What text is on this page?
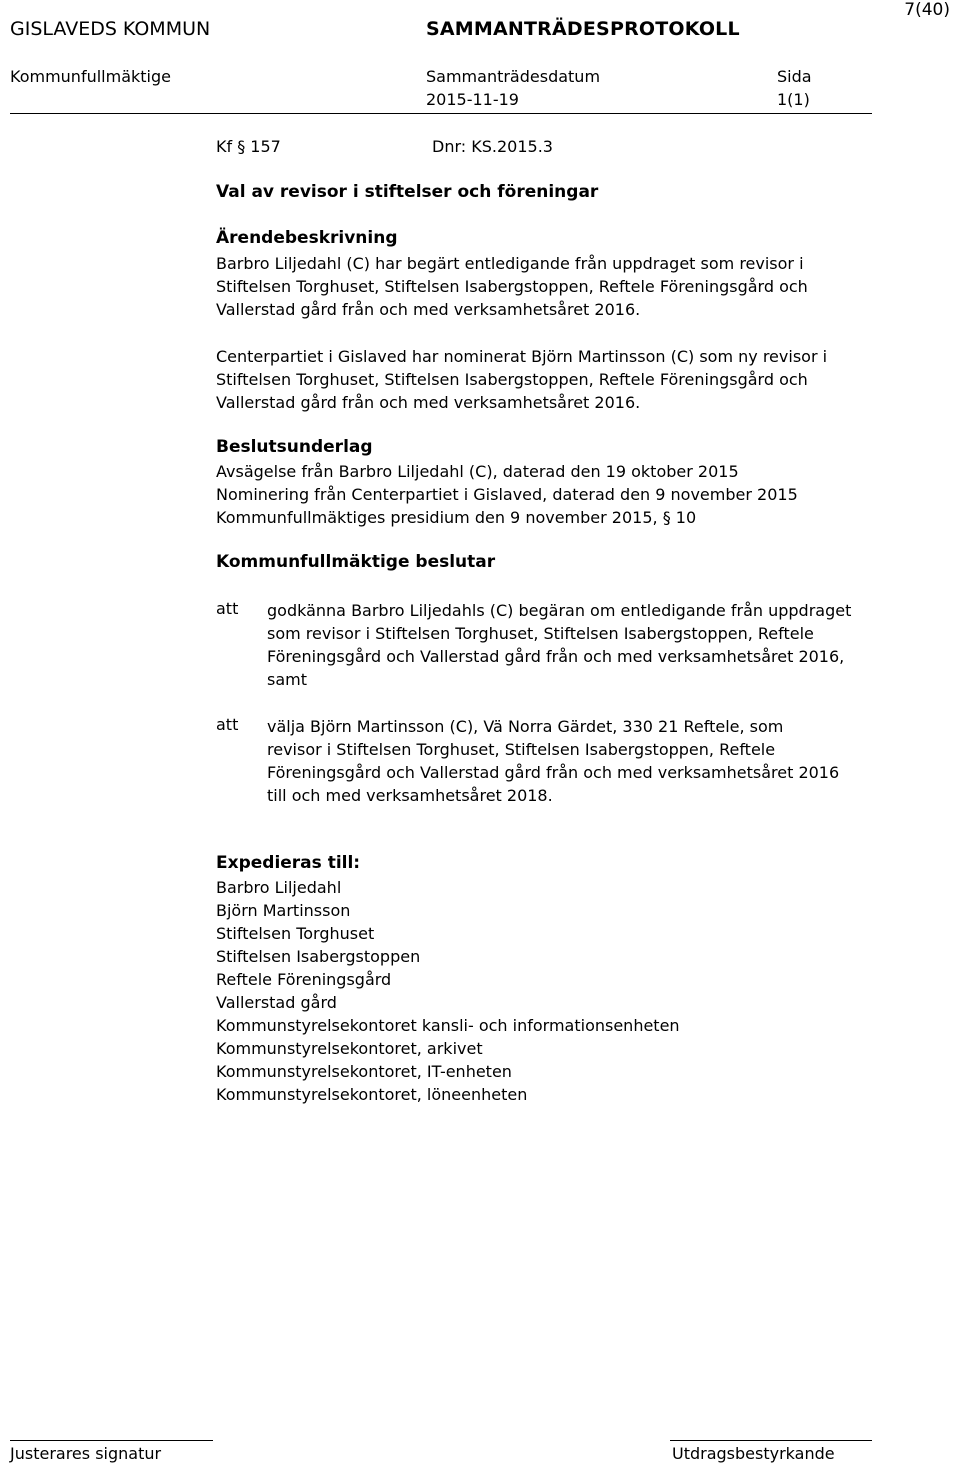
7(40)
GISLAVEDS KOMMUN	SAMMANTRÄDESPROTOKOLL
Kommunfullmäktige	Sammanträdesdatum	Sida
2015-11-19	1(1)
Kf § 157	Dnr: KS.2015.3
Val av revisor i stiftelser och föreningar
Ärendebeskrivning
Barbro Liljedahl (C) har begärt entledigande från uppdraget som revisor i
Stiftelsen Torghuset, Stiftelsen Isabergstoppen, Reftele Föreningsgård och
Vallerstad gård från och med verksamhetsåret 2016.
Centerpartiet i Gislaved har nominerat Björn Martinsson (C) som ny revisor i
Stiftelsen Torghuset, Stiftelsen Isabergstoppen, Reftele Föreningsgård och
Vallerstad gård från och med verksamhetsåret 2016.
Beslutsunderlag
Avsägelse från Barbro Liljedahl (C), daterad den 19 oktober 2015
Nominering från Centerpartiet i Gislaved, daterad den 9 november 2015
Kommunfullmäktiges presidium den 9 november 2015, § 10
Kommunfullmäktige beslutar
att godkänna Barbro Liljedahls (C) begäran om entledigande från uppdraget
som revisor i Stiftelsen Torghuset, Stiftelsen Isabergstoppen, Reftele
Föreningsgård och Vallerstad gård från och med verksamhetsåret 2016,
samt
att välja Björn Martinsson (C), Vä Norra Gärdet, 330 21 Reftele, som
revisor i Stiftelsen Torghuset, Stiftelsen Isabergstoppen, Reftele
Föreningsgård och Vallerstad gård från och med verksamhetsåret 2016
till och med verksamhetsåret 2018.
Expedieras till:
Barbro Liljedahl
Björn Martinsson
Stiftelsen Torghuset
Stiftelsen Isabergstoppen
Reftele Föreningsgård
Vallerstad gård
Kommunstyrelsekontoret kansli- och informationsenheten
Kommunstyrelsekontoret, arkivet
Kommunstyrelsekontoret, IT-enheten
Kommunstyrelsekontoret, löneenheten
Justerares signatur	Utdragsbestyrkande
